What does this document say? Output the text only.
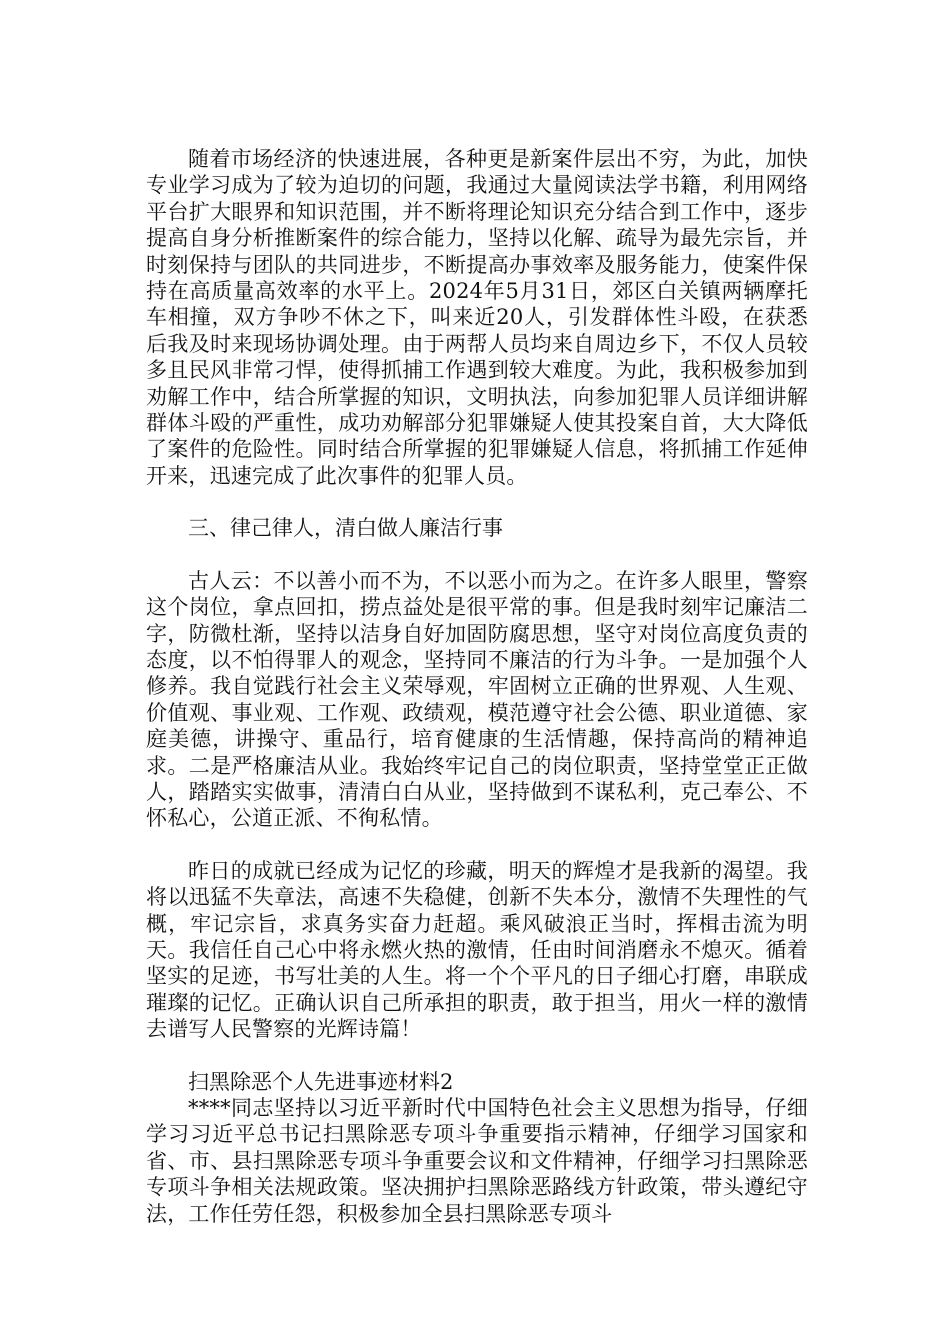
随着市场经济的快速进展，各种更是新案件层出不穷，为此，加快专业学习成为了较为迫切的问题，我通过大量阅读法学书籍，利用网络平台扩大眼界和知识范围，并不断将理论知识充分结合到工作中，逐步提高自身分析推断案件的综合能力，坚持以化解、疏导为最先宗旨，并时刻保持与团队的共同进步，不断提高办事效率及服务能力，使案件保持在高质量高效率的水平上。2024年5月31日，郊区白关镇两辆摩托车相撞，双方争吵不休之下，叫来近20人，引发群体性斗殴，在获悉后我及时来现场协调处理。由于两帮人员均来自周边乡下，不仅人员较多且民风非常刁悍，使得抓捕工作遇到较大难度。为此，我积极参加到劝解工作中，结合所掌握的知识，文明执法，向参加犯罪人员详细讲解群体斗殴的严重性，成功劝解部分犯罪嫌疑人使其投案自首，大大降低了案件的危险性。同时结合所掌握的犯罪嫌疑人信息，将抓捕工作延伸开来，迅速完成了此次事件的犯罪人员。

三、律己律人，清白做人廉洁行事

古人云：不以善小而不为，不以恶小而为之。在许多人眼里，警察这个岗位，拿点回扣，捞点益处是很平常的事。但是我时刻牢记廉洁二字，防微杜渐，坚持以洁身自好加固防腐思想，坚守对岗位高度负责的态度，以不怕得罪人的观念，坚持同不廉洁的行为斗争。一是加强个人修养。我自觉践行社会主义荣辱观，牢固树立正确的世界观、人生观、价值观、事业观、工作观、政绩观，模范遵守社会公德、职业道德、家庭美德，讲操守、重品行，培育健康的生活情趣，保持高尚的精神追求。二是严格廉洁从业。我始终牢记自己的岗位职责，坚持堂堂正正做人，踏踏实实做事，清清白白从业，坚持做到不谋私利，克己奉公、不怀私心，公道正派、不徇私情。

昨日的成就已经成为记忆的珍藏，明天的辉煌才是我新的渴望。我将以迅猛不失章法，高速不失稳健，创新不失本分，激情不失理性的气概，牢记宗旨，求真务实奋力赶超。乘风破浪正当时，挥楫击流为明天。我信任自己心中将永燃火热的激情，任由时间消磨永不熄灭。循着坚实的足迹，书写壮美的人生。将一个个平凡的日子细心打磨，串联成璀璨的记忆。正确认识自己所承担的职责，敢于担当，用火一样的激情去谱写人民警察的光辉诗篇！

扫黑除恶个人先进事迹材料2

****同志坚持以习近平新时代中国特色社会主义思想为指导，仔细学习习近平总书记扫黑除恶专项斗争重要指示精神，仔细学习国家和省、市、县扫黑除恶专项斗争重要会议和文件精神，仔细学习扫黑除恶专项斗争相关法规政策。坚决拥护扫黑除恶路线方针政策，带头遵纪守法，工作任劳任怨，积极参加全县扫黑除恶专项斗
